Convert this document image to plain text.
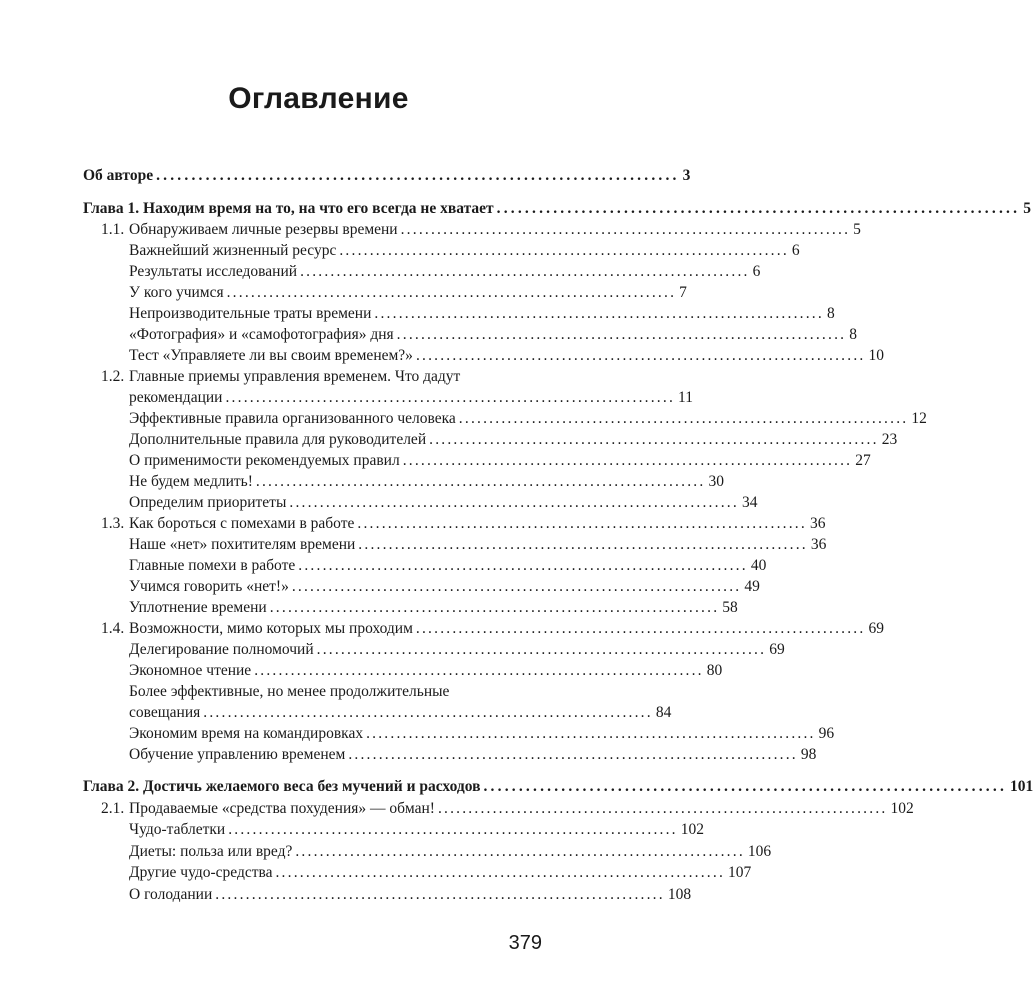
Оглавление
Об авторе .......................................................................... 3
Глава 1. Находим время на то, на что его всегда не хватает .......................................................................... 5
1.1. Обнаруживаем личные резервы времени .......................................................................... 5
Важнейший жизненный ресурс .......................................................................... 6
Результаты исследований .......................................................................... 6
У кого учимся .......................................................................... 7
Непроизводительные траты времени .......................................................................... 8
«Фотография» и «самофотография» дня .......................................................................... 8
Тест «Управляете ли вы своим временем?» .......................................................................... 10
1.2. Главные приемы управления временем. Что дадут
рекомендации .......................................................................... 11
Эффективные правила организованного человека .......................................................................... 12
Дополнительные правила для руководителей .......................................................................... 23
О применимости рекомендуемых правил .......................................................................... 27
Не будем медлить! .......................................................................... 30
Определим приоритеты .......................................................................... 34
1.3. Как бороться с помехами в работе .......................................................................... 36
Наше «нет» похитителям времени .......................................................................... 36
Главные помехи в работе .......................................................................... 40
Учимся говорить «нет!» .......................................................................... 49
Уплотнение времени .......................................................................... 58
1.4. Возможности, мимо которых мы проходим .......................................................................... 69
Делегирование полномочий .......................................................................... 69
Экономное чтение .......................................................................... 80
Более эффективные, но менее продолжительные
совещания .......................................................................... 84
Экономим время на командировках .......................................................................... 96
Обучение управлению временем .......................................................................... 98
Глава 2. Достичь желаемого веса без мучений и расходов .......................................................................... 101
2.1. Продаваемые «средства похудения» — обман! .......................................................................... 102
Чудо-таблетки .......................................................................... 102
Диеты: польза или вред? .......................................................................... 106
Другие чудо-средства .......................................................................... 107
О голодании .......................................................................... 108
379
